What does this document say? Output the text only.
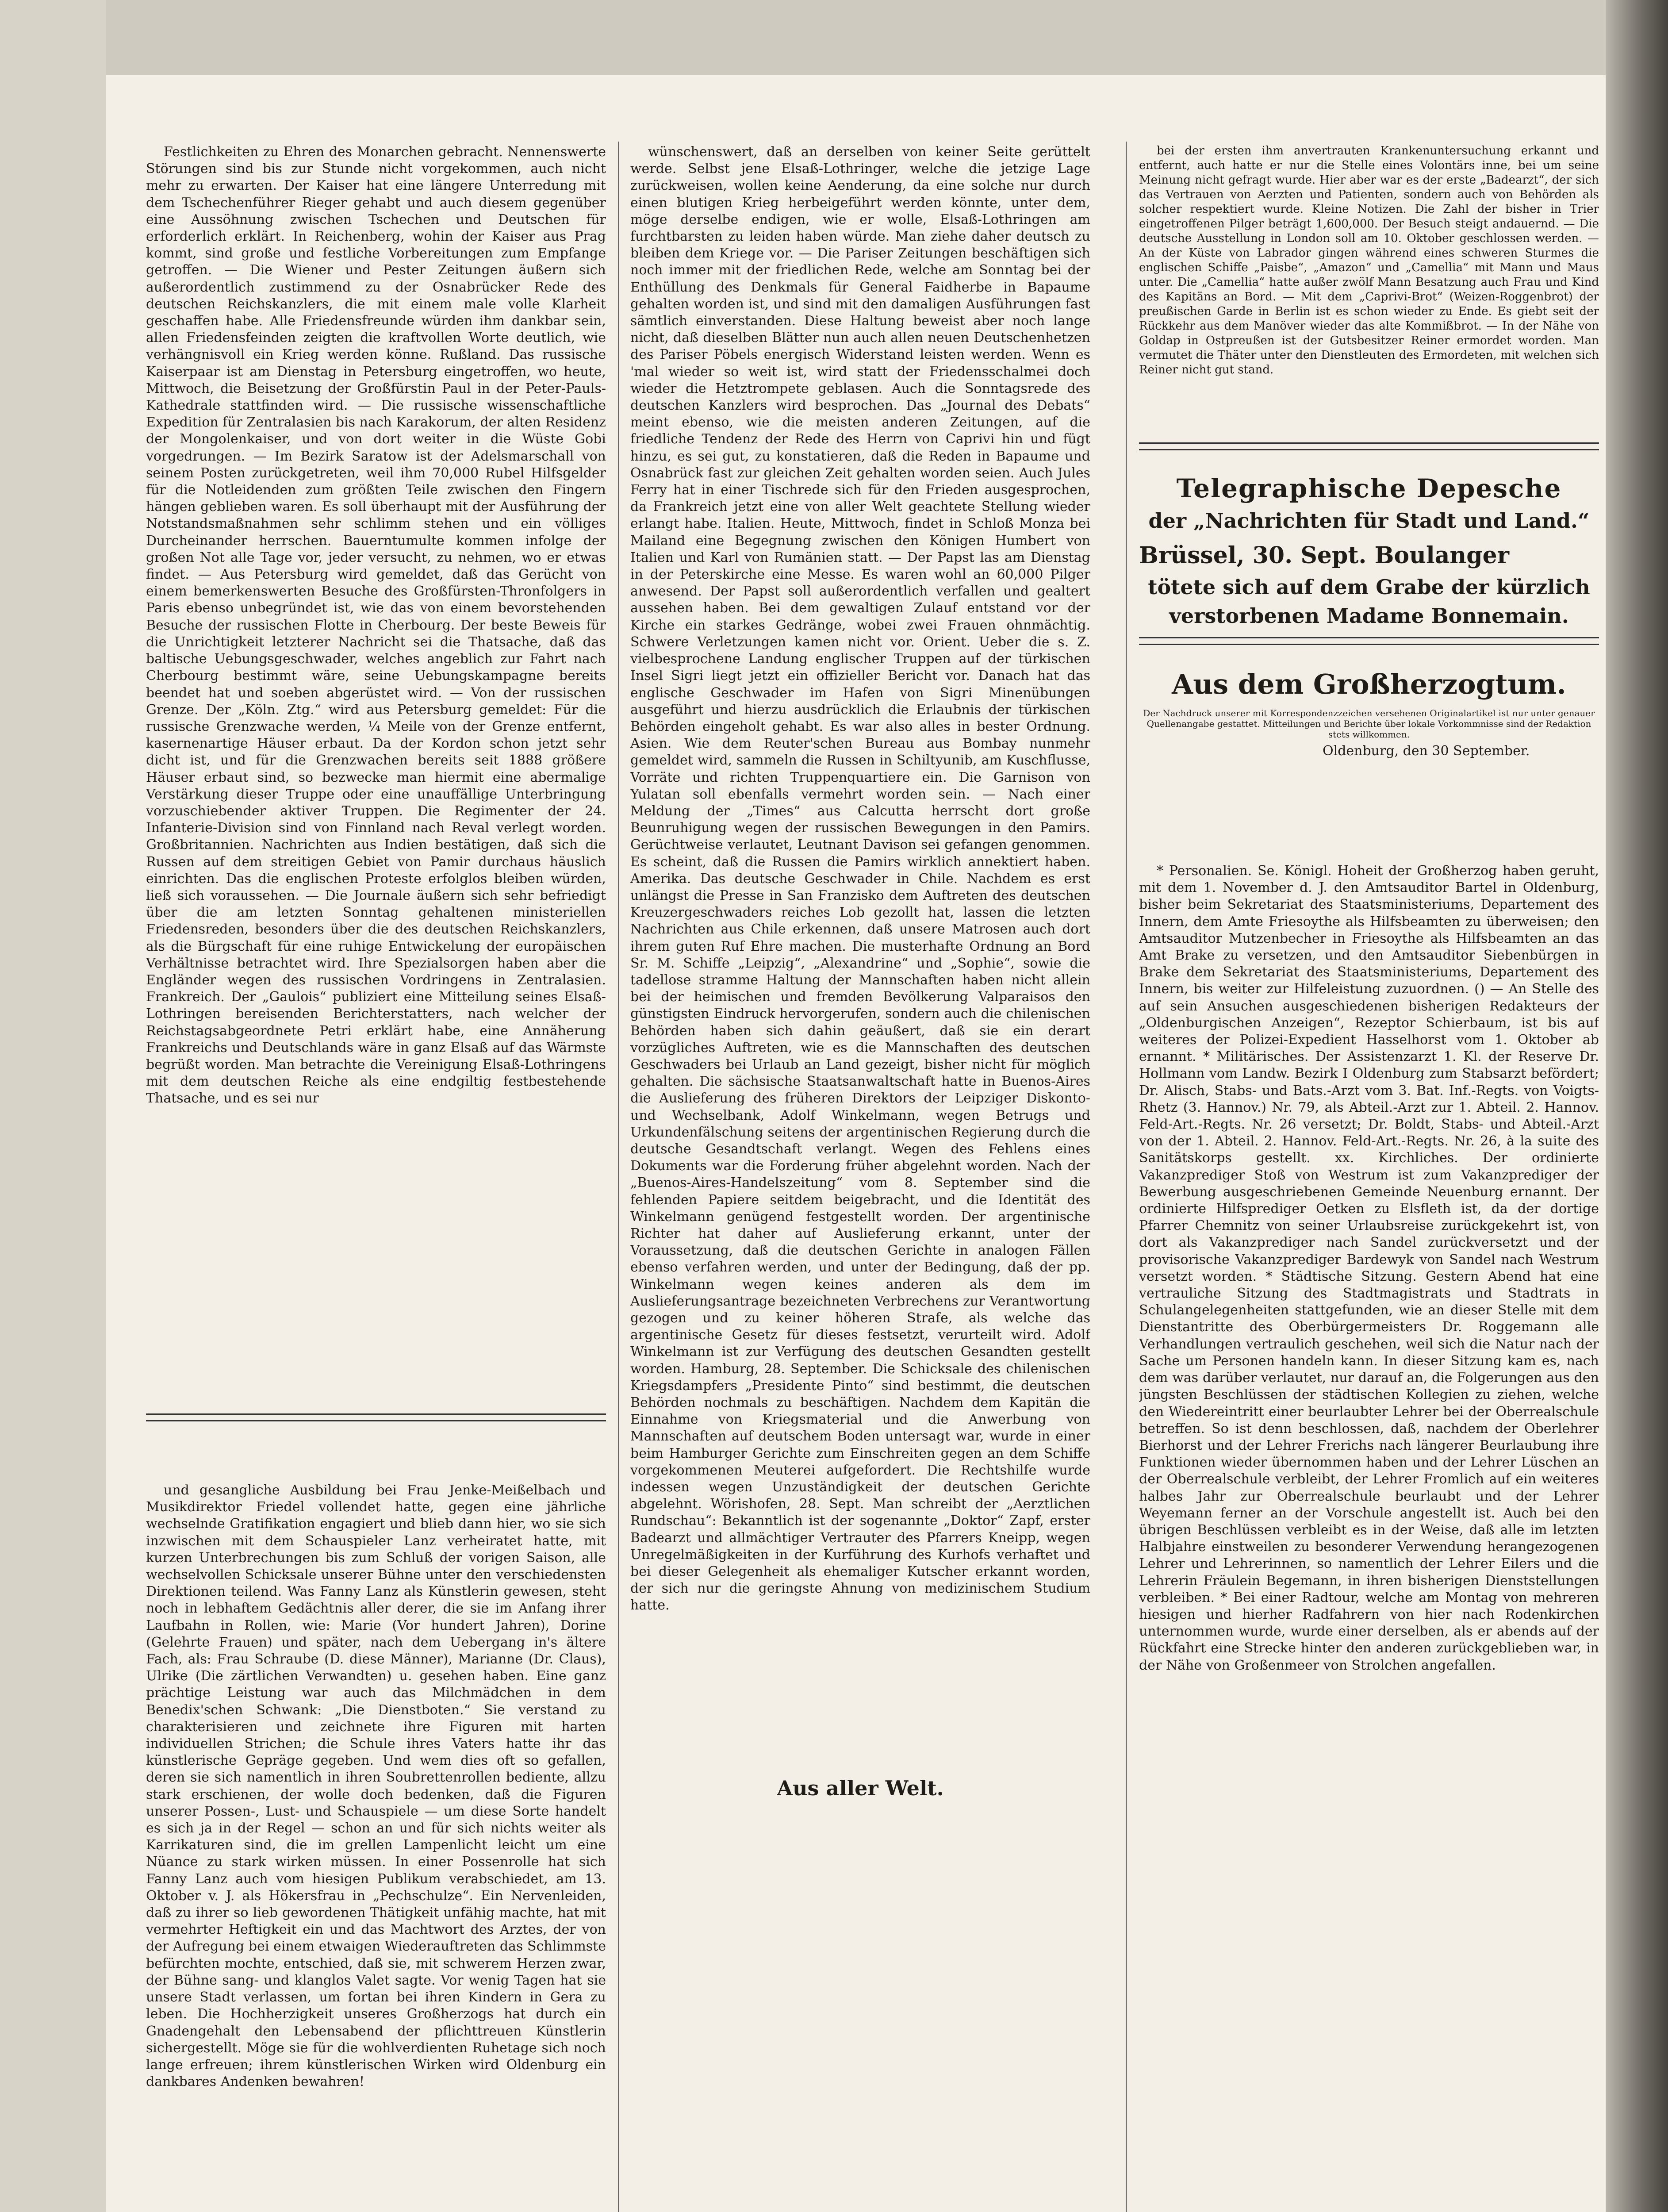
Festlichkeiten zu Ehren des Monarchen gebracht. Nennenswerte Störungen sind bis zur Stunde nicht vorgekommen, auch nicht mehr zu erwarten. Der Kaiser hat eine längere Unterredung mit dem Tschechenführer Rieger gehabt und auch diesem gegenüber eine Aussöhnung zwischen Tschechen und Deutschen für erforderlich erklärt. In Reichenberg, wohin der Kaiser aus Prag kommt, sind große und festliche Vorbereitungen zum Empfange getroffen. — Die Wiener und Pester Zeitungen äußern sich außerordentlich zustimmend zu der Osnabrücker Rede des deutschen Reichskanzlers, die mit einem male volle Klarheit geschaffen habe. Alle Friedensfreunde würden ihm dankbar sein, allen Friedensfeinden zeigten die kraftvollen Worte deutlich, wie verhängnisvoll ein Krieg werden könne. Rußland. Das russische Kaiserpaar ist am Dienstag in Petersburg eingetroffen, wo heute, Mittwoch, die Beisetzung der Großfürstin Paul in der Peter-Pauls-Kathedrale stattfinden wird. — Die russische wissenschaftliche Expedition für Zentralasien bis nach Karakorum, der alten Residenz der Mongolenkaiser, und von dort weiter in die Wüste Gobi vorgedrungen. — Im Bezirk Saratow ist der Adelsmarschall von seinem Posten zurückgetreten, weil ihm 70,000 Rubel Hilfsgelder für die Notleidenden zum größten Teile zwischen den Fingern hängen geblieben waren. Es soll überhaupt mit der Ausführung der Notstandsmaßnahmen sehr schlimm stehen und ein völliges Durcheinander herrschen. Bauerntumulte kommen infolge der großen Not alle Tage vor, jeder versucht, zu nehmen, wo er etwas findet. — Aus Petersburg wird gemeldet, daß das Gerücht von einem bemerkenswerten Besuche des Großfürsten-Thronfolgers in Paris ebenso unbegründet ist, wie das von einem bevorstehenden Besuche der russischen Flotte in Cherbourg. Der beste Beweis für die Unrichtigkeit letzterer Nachricht sei die Thatsache, daß das baltische Uebungsgeschwader, welches angeblich zur Fahrt nach Cherbourg bestimmt wäre, seine Uebungskampagne bereits beendet hat und soeben abgerüstet wird. — Von der russischen Grenze. Der „Köln. Ztg.“ wird aus Petersburg gemeldet: Für die russische Grenzwache werden, ¼ Meile von der Grenze entfernt, kasernenartige Häuser erbaut. Da der Kordon schon jetzt sehr dicht ist, und für die Grenzwachen bereits seit 1888 größere Häuser erbaut sind, so bezwecke man hiermit eine abermalige Verstärkung dieser Truppe oder eine unauffällige Unterbringung vorzuschiebender aktiver Truppen. Die Regimenter der 24. Infanterie-Division sind von Finnland nach Reval verlegt worden. Großbritannien. Nachrichten aus Indien bestätigen, daß sich die Russen auf dem streitigen Gebiet von Pamir durchaus häuslich einrichten. Das die englischen Proteste erfolglos bleiben würden, ließ sich voraussehen. — Die Journale äußern sich sehr befriedigt über die am letzten Sonntag gehaltenen ministeriellen Friedensreden, besonders über die des deutschen Reichskanzlers, als die Bürgschaft für eine ruhige Entwickelung der europäischen Verhältnisse betrachtet wird. Ihre Spezialsorgen haben aber die Engländer wegen des russischen Vordringens in Zentralasien. Frankreich. Der „Gaulois“ publiziert eine Mitteilung seines Elsaß-Lothringen bereisenden Berichterstatters, nach welcher der Reichstagsabgeordnete Petri erklärt habe, eine Annäherung Frankreichs und Deutschlands wäre in ganz Elsaß auf das Wärmste begrüßt worden. Man betrachte die Vereinigung Elsaß-Lothringens mit dem deutschen Reiche als eine endgiltig festbestehende Thatsache, und es sei nur

und gesangliche Ausbildung bei Frau Jenke-Meißelbach und Musikdirektor Friedel vollendet hatte, gegen eine jährliche wechselnde Gratifikation engagiert und blieb dann hier, wo sie sich inzwischen mit dem Schauspieler Lanz verheiratet hatte, mit kurzen Unterbrechungen bis zum Schluß der vorigen Saison, alle wechselvollen Schicksale unserer Bühne unter den verschiedensten Direktionen teilend. Was Fanny Lanz als Künstlerin gewesen, steht noch in lebhaftem Gedächtnis aller derer, die sie im Anfang ihrer Laufbahn in Rollen, wie: Marie (Vor hundert Jahren), Dorine (Gelehrte Frauen) und später, nach dem Uebergang in's ältere Fach, als: Frau Schraube (D. diese Männer), Marianne (Dr. Claus), Ulrike (Die zärtlichen Verwandten) u. gesehen haben. Eine ganz prächtige Leistung war auch das Milchmädchen in dem Benedix'schen Schwank: „Die Dienstboten.“ Sie verstand zu charakterisieren und zeichnete ihre Figuren mit harten individuellen Strichen; die Schule ihres Vaters hatte ihr das künstlerische Gepräge gegeben. Und wem dies oft so gefallen, deren sie sich namentlich in ihren Soubrettenrollen bediente, allzu stark erschienen, der wolle doch bedenken, daß die Figuren unserer Possen-, Lust- und Schauspiele — um diese Sorte handelt es sich ja in der Regel — schon an und für sich nichts weiter als Karrikaturen sind, die im grellen Lampenlicht leicht um eine Nüance zu stark wirken müssen. In einer Possenrolle hat sich Fanny Lanz auch vom hiesigen Publikum verabschiedet, am 13. Oktober v. J. als Hökersfrau in „Pechschulze“. Ein Nervenleiden, daß zu ihrer so lieb gewordenen Thätigkeit unfähig machte, hat mit vermehrter Heftigkeit ein und das Machtwort des Arztes, der von der Aufregung bei einem etwaigen Wiederauftreten das Schlimmste befürchten mochte, entschied, daß sie, mit schwerem Herzen zwar, der Bühne sang- und klanglos Valet sagte. Vor wenig Tagen hat sie unsere Stadt verlassen, um fortan bei ihren Kindern in Gera zu leben. Die Hochherzigkeit unseres Großherzogs hat durch ein Gnadengehalt den Lebensabend der pflichttreuen Künstlerin sichergestellt. Möge sie für die wohlverdienten Ruhetage sich noch lange erfreuen; ihrem künstlerischen Wirken wird Oldenburg ein dankbares Andenken bewahren!

wünschenswert, daß an derselben von keiner Seite gerüttelt werde. Selbst jene Elsaß-Lothringer, welche die jetzige Lage zurückweisen, wollen keine Aenderung, da eine solche nur durch einen blutigen Krieg herbeigeführt werden könnte, unter dem, möge derselbe endigen, wie er wolle, Elsaß-Lothringen am furchtbarsten zu leiden haben würde. Man ziehe daher deutsch zu bleiben dem Kriege vor. — Die Pariser Zeitungen beschäftigen sich noch immer mit der friedlichen Rede, welche am Sonntag bei der Enthüllung des Denkmals für General Faidherbe in Bapaume gehalten worden ist, und sind mit den damaligen Ausführungen fast sämtlich einverstanden. Diese Haltung beweist aber noch lange nicht, daß dieselben Blätter nun auch allen neuen Deutschenhetzen des Pariser Pöbels energisch Widerstand leisten werden. Wenn es 'mal wieder so weit ist, wird statt der Friedensschalmei doch wieder die Hetztrompete geblasen. Auch die Sonntagsrede des deutschen Kanzlers wird besprochen. Das „Journal des Debats“ meint ebenso, wie die meisten anderen Zeitungen, auf die friedliche Tendenz der Rede des Herrn von Caprivi hin und fügt hinzu, es sei gut, zu konstatieren, daß die Reden in Bapaume und Osnabrück fast zur gleichen Zeit gehalten worden seien. Auch Jules Ferry hat in einer Tischrede sich für den Frieden ausgesprochen, da Frankreich jetzt eine von aller Welt geachtete Stellung wieder erlangt habe. Italien. Heute, Mittwoch, findet in Schloß Monza bei Mailand eine Begegnung zwischen den Königen Humbert von Italien und Karl von Rumänien statt. — Der Papst las am Dienstag in der Peterskirche eine Messe. Es waren wohl an 60,000 Pilger anwesend. Der Papst soll außerordentlich verfallen und gealtert aussehen haben. Bei dem gewaltigen Zulauf entstand vor der Kirche ein starkes Gedränge, wobei zwei Frauen ohnmächtig. Schwere Verletzungen kamen nicht vor. Orient. Ueber die s. Z. vielbesprochene Landung englischer Truppen auf der türkischen Insel Sigri liegt jetzt ein offizieller Bericht vor. Danach hat das englische Geschwader im Hafen von Sigri Minenübungen ausgeführt und hierzu ausdrücklich die Erlaubnis der türkischen Behörden eingeholt gehabt. Es war also alles in bester Ordnung. Asien. Wie dem Reuter'schen Bureau aus Bombay nunmehr gemeldet wird, sammeln die Russen in Schiltyunib, am Kuschflusse, Vorräte und richten Truppenquartiere ein. Die Garnison von Yulatan soll ebenfalls vermehrt worden sein. — Nach einer Meldung der „Times“ aus Calcutta herrscht dort große Beunruhigung wegen der russischen Bewegungen in den Pamirs. Gerüchtweise verlautet, Leutnant Davison sei gefangen genommen. Es scheint, daß die Russen die Pamirs wirklich annektiert haben. Amerika. Das deutsche Geschwader in Chile. Nachdem es erst unlängst die Presse in San Franzisko dem Auftreten des deutschen Kreuzergeschwaders reiches Lob gezollt hat, lassen die letzten Nachrichten aus Chile erkennen, daß unsere Matrosen auch dort ihrem guten Ruf Ehre machen. Die musterhafte Ordnung an Bord Sr. M. Schiffe „Leipzig“, „Alexandrine“ und „Sophie“, sowie die tadellose stramme Haltung der Mannschaften haben nicht allein bei der heimischen und fremden Bevölkerung Valparaisos den günstigsten Eindruck hervorgerufen, sondern auch die chilenischen Behörden haben sich dahin geäußert, daß sie ein derart vorzügliches Auftreten, wie es die Mannschaften des deutschen Geschwaders bei Urlaub an Land gezeigt, bisher nicht für möglich gehalten. Die sächsische Staatsanwaltschaft hatte in Buenos-Aires die Auslieferung des früheren Direktors der Leipziger Diskonto- und Wechselbank, Adolf Winkelmann, wegen Betrugs und Urkundenfälschung seitens der argentinischen Regierung durch die deutsche Gesandtschaft verlangt. Wegen des Fehlens eines Dokuments war die Forderung früher abgelehnt worden. Nach der „Buenos-Aires-Handelszeitung“ vom 8. September sind die fehlenden Papiere seitdem beigebracht, und die Identität des Winkelmann genügend festgestellt worden. Der argentinische Richter hat daher auf Auslieferung erkannt, unter der Voraussetzung, daß die deutschen Gerichte in analogen Fällen ebenso verfahren werden, und unter der Bedingung, daß der pp. Winkelmann wegen keines anderen als dem im Auslieferungsantrage bezeichneten Verbrechens zur Verantwortung gezogen und zu keiner höheren Strafe, als welche das argentinische Gesetz für dieses festsetzt, verurteilt wird. Adolf Winkelmann ist zur Verfügung des deutschen Gesandten gestellt worden. Hamburg, 28. September. Die Schicksale des chilenischen Kriegsdampfers „Presidente Pinto“ sind bestimmt, die deutschen Behörden nochmals zu beschäftigen. Nachdem dem Kapitän die Einnahme von Kriegsmaterial und die Anwerbung von Mannschaften auf deutschem Boden untersagt war, wurde in einer beim Hamburger Gerichte zum Einschreiten gegen an dem Schiffe vorgekommenen Meuterei aufgefordert. Die Rechtshilfe wurde indessen wegen Unzuständigkeit der deutschen Gerichte abgelehnt. Wörishofen, 28. Sept. Man schreibt der „Aerztlichen Rundschau“: Bekanntlich ist der sogenannte „Doktor“ Zapf, erster Badearzt und allmächtiger Vertrauter des Pfarrers Kneipp, wegen Unregelmäßigkeiten in der Kurführung des Kurhofs verhaftet und bei dieser Gelegenheit als ehemaliger Kutscher erkannt worden, der sich nur die geringste Ahnung von medizinischem Studium hatte.

Aus aller Welt.

bei der ersten ihm anvertrauten Krankenuntersuchung erkannt und entfernt, auch hatte er nur die Stelle eines Volontärs inne, bei um seine Meinung nicht gefragt wurde. Hier aber war es der erste „Badearzt“, der sich das Vertrauen von Aerzten und Patienten, sondern auch von Behörden als solcher respektiert wurde. Kleine Notizen. Die Zahl der bisher in Trier eingetroffenen Pilger beträgt 1,600,000. Der Besuch steigt andauernd. — Die deutsche Ausstellung in London soll am 10. Oktober geschlossen werden. — An der Küste von Labrador gingen während eines schweren Sturmes die englischen Schiffe „Paisbe“, „Amazon“ und „Camellia“ mit Mann und Maus unter. Die „Camellia“ hatte außer zwölf Mann Besatzung auch Frau und Kind des Kapitäns an Bord. — Mit dem „Caprivi-Brot“ (Weizen-Roggenbrot) der preußischen Garde in Berlin ist es schon wieder zu Ende. Es giebt seit der Rückkehr aus dem Manöver wieder das alte Kommißbrot. — In der Nähe von Goldap in Ostpreußen ist der Gutsbesitzer Reiner ermordet worden. Man vermutet die Thäter unter den Dienstleuten des Ermordeten, mit welchen sich Reiner nicht gut stand.

Telegraphische Depesche
der „Nachrichten für Stadt und Land.“
Brüssel, 30. Sept. Boulanger
tötete sich auf dem Grabe der kürzlich
verstorbenen Madame Bonnemain.
Aus dem Großherzogtum.
Der Nachdruck unserer mit Korrespondenzzeichen versehenen Originalartikel ist nur unter genauer Quellenangabe gestattet. Mitteilungen und Berichte über lokale Vorkommnisse sind der Redaktion stets willkommen.
Oldenburg, den 30 September.

* Personalien. Se. Königl. Hoheit der Großherzog haben geruht, mit dem 1. November d. J. den Amtsauditor Bartel in Oldenburg, bisher beim Sekretariat des Staatsministeriums, Departement des Innern, dem Amte Friesoythe als Hilfsbeamten zu überweisen; den Amtsauditor Mutzenbecher in Friesoythe als Hilfsbeamten an das Amt Brake zu versetzen, und den Amtsauditor Siebenbürgen in Brake dem Sekretariat des Staatsministeriums, Departement des Innern, bis weiter zur Hilfeleistung zuzuordnen. () — An Stelle des auf sein Ansuchen ausgeschiedenen bisherigen Redakteurs der „Oldenburgischen Anzeigen“, Rezeptor Schierbaum, ist bis auf weiteres der Polizei-Expedient Hasselhorst vom 1. Oktober ab ernannt. * Militärisches. Der Assistenzarzt 1. Kl. der Reserve Dr. Hollmann vom Landw. Bezirk I Oldenburg zum Stabsarzt befördert; Dr. Alisch, Stabs- und Bats.-Arzt vom 3. Bat. Inf.-Regts. von Voigts-Rhetz (3. Hannov.) Nr. 79, als Abteil.-Arzt zur 1. Abteil. 2. Hannov. Feld-Art.-Regts. Nr. 26 versetzt; Dr. Boldt, Stabs- und Abteil.-Arzt von der 1. Abteil. 2. Hannov. Feld-Art.-Regts. Nr. 26, à la suite des Sanitätskorps gestellt. xx. Kirchliches. Der ordinierte Vakanzprediger Stoß von Westrum ist zum Vakanzprediger der Bewerbung ausgeschriebenen Gemeinde Neuenburg ernannt. Der ordinierte Hilfsprediger Oetken zu Elsfleth ist, da der dortige Pfarrer Chemnitz von seiner Urlaubsreise zurückgekehrt ist, von dort als Vakanzprediger nach Sandel zurückversetzt und der provisorische Vakanzprediger Bardewyk von Sandel nach Westrum versetzt worden. * Städtische Sitzung. Gestern Abend hat eine vertrauliche Sitzung des Stadtmagistrats und Stadtrats in Schulangelegenheiten stattgefunden, wie an dieser Stelle mit dem Dienstantritte des Oberbürgermeisters Dr. Roggemann alle Verhandlungen vertraulich geschehen, weil sich die Natur nach der Sache um Personen handeln kann. In dieser Sitzung kam es, nach dem was darüber verlautet, nur darauf an, die Folgerungen aus den jüngsten Beschlüssen der städtischen Kollegien zu ziehen, welche den Wiedereintritt einer beurlaubter Lehrer bei der Oberrealschule betreffen. So ist denn beschlossen, daß, nachdem der Oberlehrer Bierhorst und der Lehrer Frerichs nach längerer Beurlaubung ihre Funktionen wieder übernommen haben und der Lehrer Lüschen an der Oberrealschule verbleibt, der Lehrer Fromlich auf ein weiteres halbes Jahr zur Oberrealschule beurlaubt und der Lehrer Weyemann ferner an der Vorschule angestellt ist. Auch bei den übrigen Beschlüssen verbleibt es in der Weise, daß alle im letzten Halbjahre einstweilen zu besonderer Verwendung herangezogenen Lehrer und Lehrerinnen, so namentlich der Lehrer Eilers und die Lehrerin Fräulein Begemann, in ihren bisherigen Dienststellungen verbleiben. * Bei einer Radtour, welche am Montag von mehreren hiesigen und hierher Radfahrern von hier nach Rodenkirchen unternommen wurde, wurde einer derselben, als er abends auf der Rückfahrt eine Strecke hinter den anderen zurückgeblieben war, in der Nähe von Großenmeer von Strolchen angefallen.
